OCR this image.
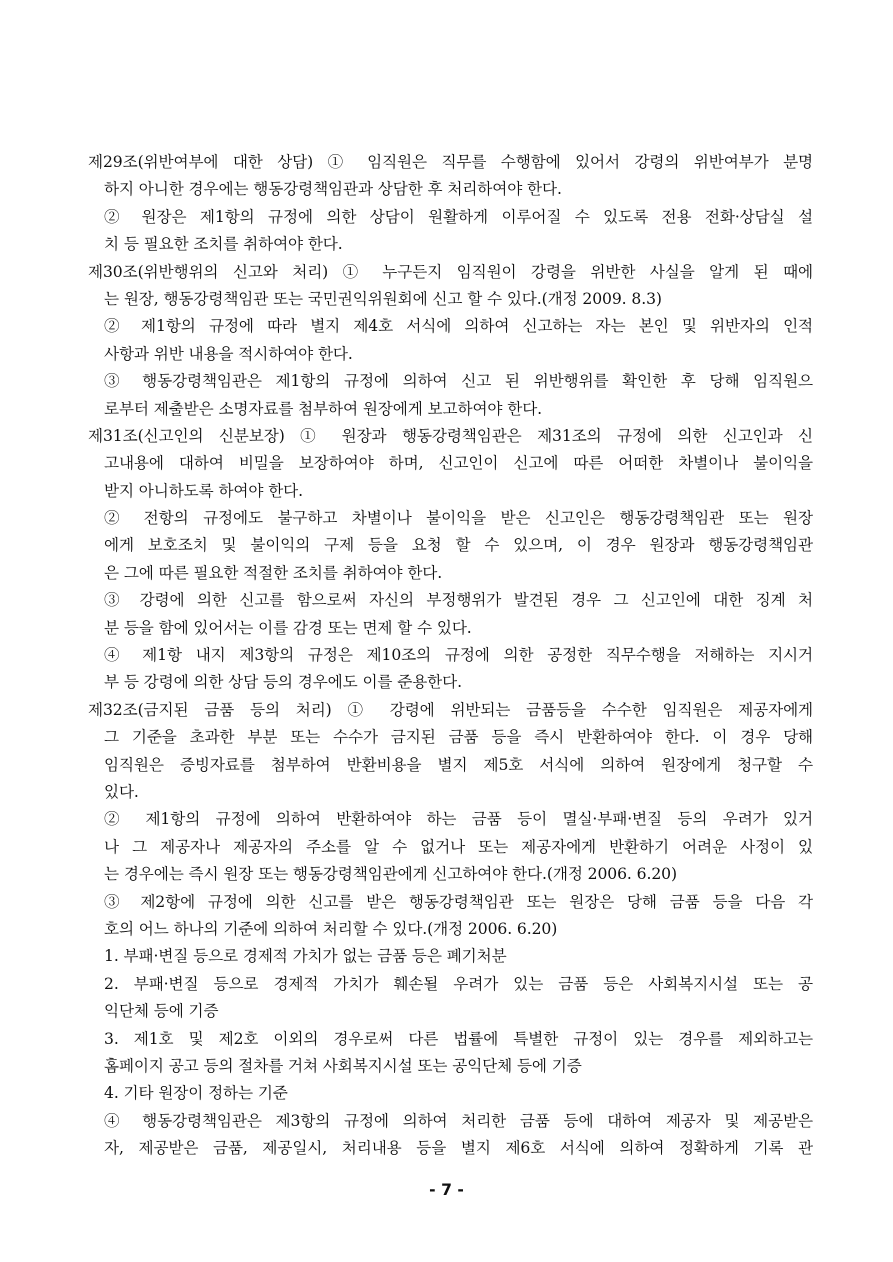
제29조(위반여부에 대한 상담) ① 임직원은 직무를 수행함에 있어서 강령의 위반여부가 분명
하지 아니한 경우에는 행동강령책임관과 상담한 후 처리하여야 한다.
② 원장은 제1항의 규정에 의한 상담이 원활하게 이루어질 수 있도록 전용 전화·상담실 설
치 등 필요한 조치를 취하여야 한다.
제30조(위반행위의 신고와 처리) ① 누구든지 임직원이 강령을 위반한 사실을 알게 된 때에
는 원장, 행동강령책임관 또는 국민권익위원회에 신고 할 수 있다.(개정 2009. 8.3)
② 제1항의 규정에 따라 별지 제4호 서식에 의하여 신고하는 자는 본인 및 위반자의 인적
사항과 위반 내용을 적시하여야 한다.
③ 행동강령책임관은 제1항의 규정에 의하여 신고 된 위반행위를 확인한 후 당해 임직원으
로부터 제출받은 소명자료를 첨부하여 원장에게 보고하여야 한다.
제31조(신고인의 신분보장) ① 원장과 행동강령책임관은 제31조의 규정에 의한 신고인과 신
고내용에 대하여 비밀을 보장하여야 하며, 신고인이 신고에 따른 어떠한 차별이나 불이익을
받지 아니하도록 하여야 한다.
② 전항의 규정에도 불구하고 차별이나 불이익을 받은 신고인은 행동강령책임관 또는 원장
에게 보호조치 및 불이익의 구제 등을 요청 할 수 있으며, 이 경우 원장과 행동강령책임관
은 그에 따른 필요한 적절한 조치를 취하여야 한다.
③ 강령에 의한 신고를 함으로써 자신의 부정행위가 발견된 경우 그 신고인에 대한 징계 처
분 등을 함에 있어서는 이를 감경 또는 면제 할 수 있다.
④ 제1항 내지 제3항의 규정은 제10조의 규정에 의한 공정한 직무수행을 저해하는 지시거
부 등 강령에 의한 상담 등의 경우에도 이를 준용한다.
제32조(금지된 금품 등의 처리) ① 강령에 위반되는 금품등을 수수한 임직원은 제공자에게
그 기준을 초과한 부분 또는 수수가 금지된 금품 등을 즉시 반환하여야 한다. 이 경우 당해
임직원은 증빙자료를 첨부하여 반환비용을 별지 제5호 서식에 의하여 원장에게 청구할 수
있다.
② 제1항의 규정에 의하여 반환하여야 하는 금품 등이 멸실·부패·변질 등의 우려가 있거
나 그 제공자나 제공자의 주소를 알 수 없거나 또는 제공자에게 반환하기 어려운 사정이 있
는 경우에는 즉시 원장 또는 행동강령책임관에게 신고하여야 한다.(개정 2006. 6.20)
③ 제2항에 규정에 의한 신고를 받은 행동강령책임관 또는 원장은 당해 금품 등을 다음 각
호의 어느 하나의 기준에 의하여 처리할 수 있다.(개정 2006. 6.20)
1. 부패·변질 등으로 경제적 가치가 없는 금품 등은 폐기처분
2. 부패·변질 등으로 경제적 가치가 훼손될 우려가 있는 금품 등은 사회복지시설 또는 공
익단체 등에 기증
3. 제1호 및 제2호 이외의 경우로써 다른 법률에 특별한 규정이 있는 경우를 제외하고는
홈페이지 공고 등의 절차를 거쳐 사회복지시설 또는 공익단체 등에 기증
4. 기타 원장이 정하는 기준
④ 행동강령책임관은 제3항의 규정에 의하여 처리한 금품 등에 대하여 제공자 및 제공받은
자, 제공받은 금품, 제공일시, 처리내용 등을 별지 제6호 서식에 의하여 정확하게 기록 관
- 7 -
